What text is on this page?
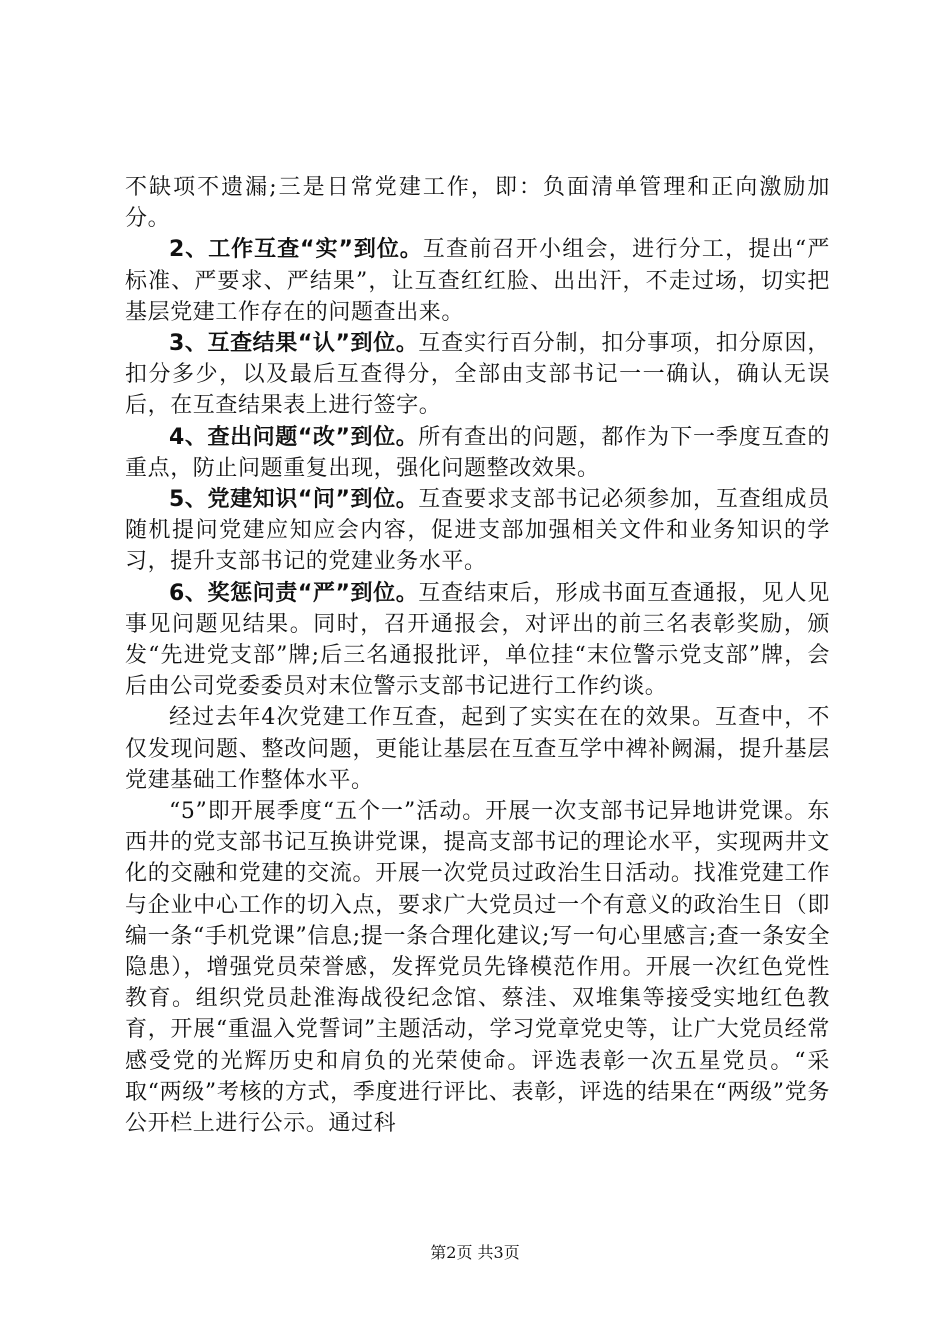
不缺项不遗漏;三是日常党建工作，即：负面清单管理和正向激励加分。

2、工作互查“实”到位。互查前召开小组会，进行分工，提出“严标准、严要求、严结果”，让互查红红脸、出出汗，不走过场，切实把基层党建工作存在的问题查出来。

3、互查结果“认”到位。互查实行百分制，扣分事项，扣分原因，扣分多少，以及最后互查得分，全部由支部书记一一确认，确认无误后，在互查结果表上进行签字。

4、查出问题“改”到位。所有查出的问题，都作为下一季度互查的重点，防止问题重复出现，强化问题整改效果。

5、党建知识“问”到位。互查要求支部书记必须参加，互查组成员随机提问党建应知应会内容，促进支部加强相关文件和业务知识的学习，提升支部书记的党建业务水平。

6、奖惩问责“严”到位。互查结束后，形成书面互查通报，见人见事见问题见结果。同时，召开通报会，对评出的前三名表彰奖励，颁发“先进党支部”牌;后三名通报批评，单位挂“末位警示党支部”牌，会后由公司党委委员对末位警示支部书记进行工作约谈。

经过去年4次党建工作互查，起到了实实在在的效果。互查中，不仅发现问题、整改问题，更能让基层在互查互学中裨补阙漏，提升基层党建基础工作整体水平。

“5”即开展季度“五个一”活动。开展一次支部书记异地讲党课。东西井的党支部书记互换讲党课，提高支部书记的理论水平，实现两井文化的交融和党建的交流。开展一次党员过政治生日活动。找准党建工作与企业中心工作的切入点，要求广大党员过一个有意义的政治生日（即编一条“手机党课”信息;提一条合理化建议;写一句心里感言;查一条安全隐患），增强党员荣誉感，发挥党员先锋模范作用。开展一次红色党性教育。组织党员赴淮海战役纪念馆、蔡洼、双堆集等接受实地红色教育，开展“重温入党誓词”主题活动，学习党章党史等，让广大党员经常感受党的光辉历史和肩负的光荣使命。评选表彰一次五星党员。“采取“两级”考核的方式，季度进行评比、表彰，评选的结果在“两级”党务公开栏上进行公示。通过科

第2页 共3页
